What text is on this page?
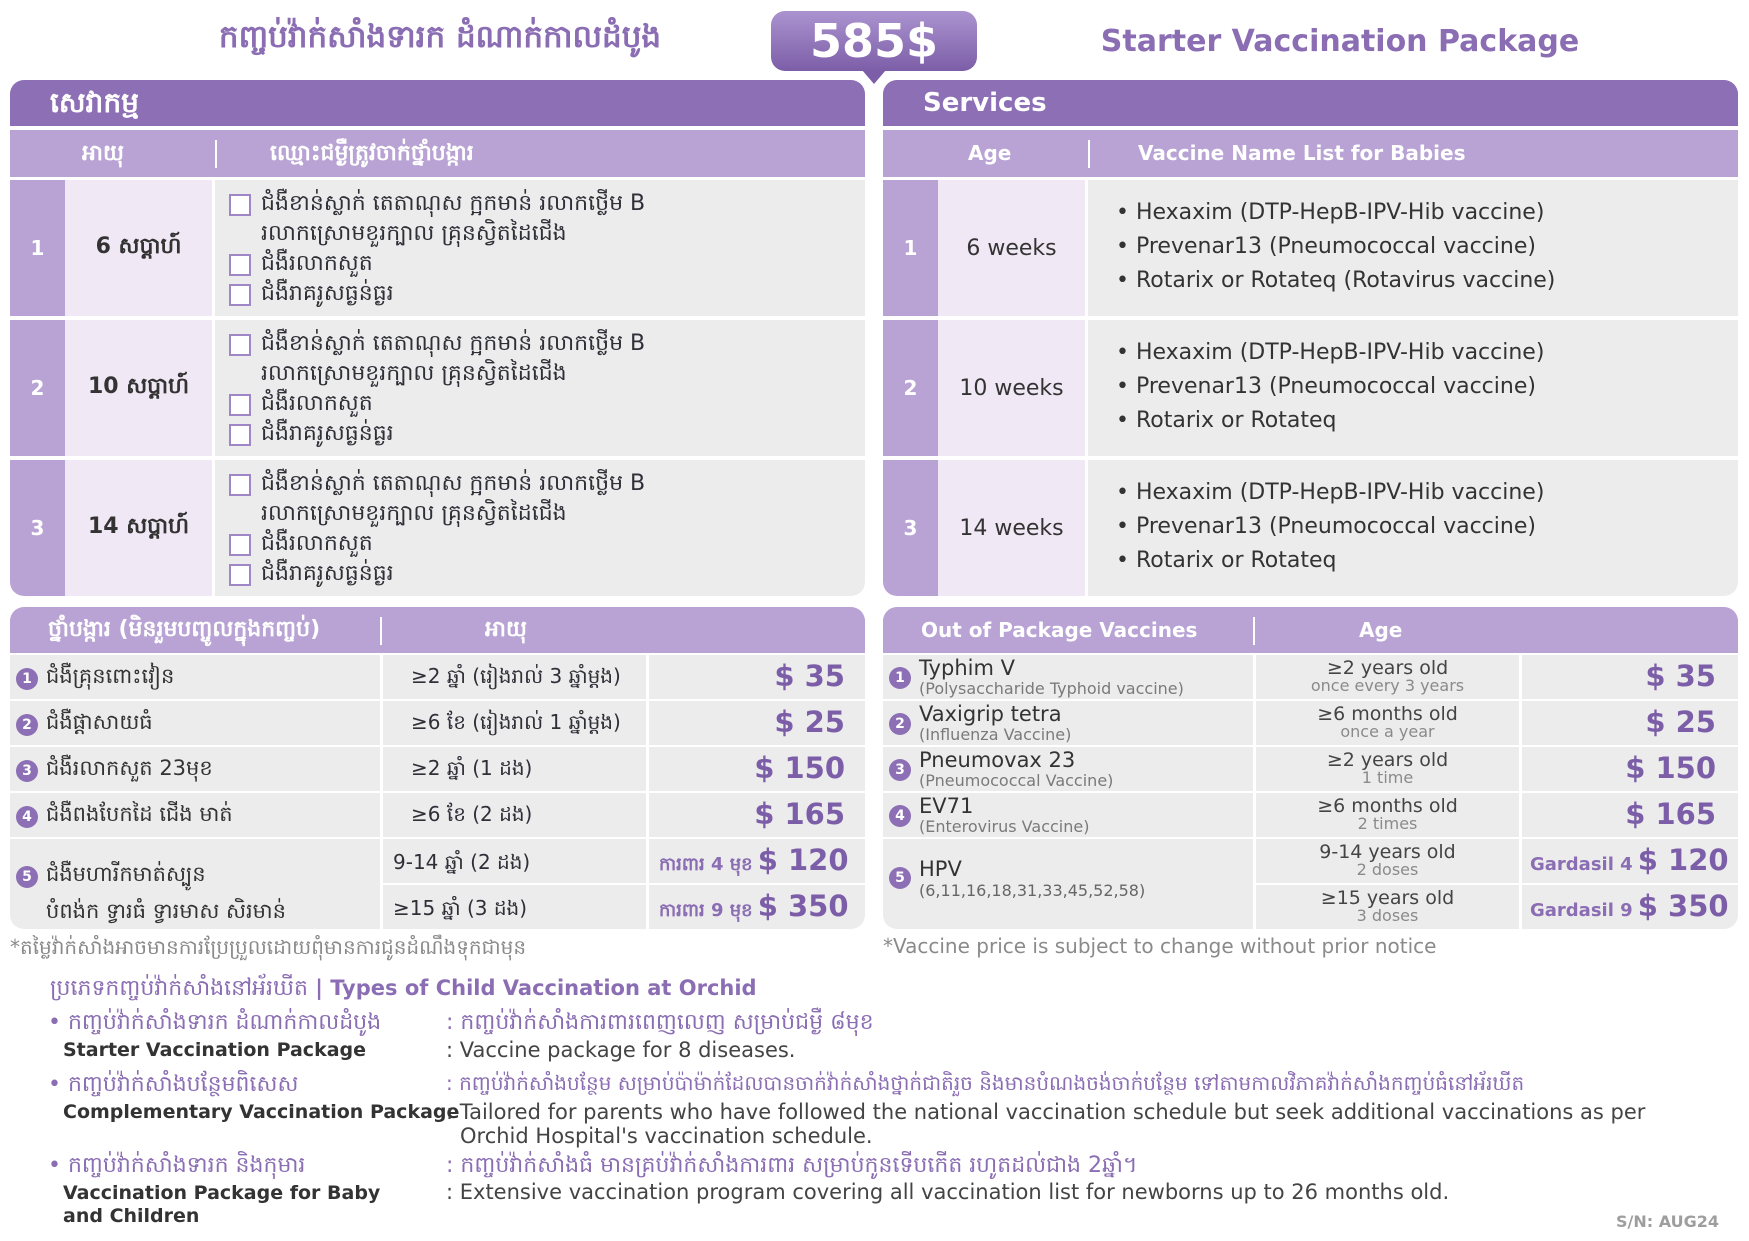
កញ្ចប់វ៉ាក់សាំងទារក ដំណាក់កាលដំបូង	585$	Starter Vaccination Package
សេវាកម្ម
អាយុ	ឈ្មោះជម្ងឺត្រូវចាក់ថ្នាំបង្ការ
1	6 សប្តាហ៍
ជំងឺខាន់ស្លាក់ តេតាណុស ក្អកមាន់ រលាកថ្លើម B
រលាកស្រោមខួរក្បាល គ្រុនស្វិតដៃជើង
ជំងឺរលាកសួត
ជំងឺរាគរូសធ្ងន់ធ្ងរ
2	10 សប្តាហ៍
ជំងឺខាន់ស្លាក់ តេតាណុស ក្អកមាន់ រលាកថ្លើម B
រលាកស្រោមខួរក្បាល គ្រុនស្វិតដៃជើង
ជំងឺរលាកសួត
ជំងឺរាគរូសធ្ងន់ធ្ងរ
3	14 សប្តាហ៍
ជំងឺខាន់ស្លាក់ តេតាណុស ក្អកមាន់ រលាកថ្លើម B
រលាកស្រោមខួរក្បាល គ្រុនស្វិតដៃជើង
ជំងឺរលាកសួត
ជំងឺរាគរូសធ្ងន់ធ្ងរ
Services
Age	Vaccine Name List for Babies
1	6 weeks
• Hexaxim (DTP-HepB-IPV-Hib vaccine)
• Prevenar13 (Pneumococcal vaccine)
• Rotarix or Rotateq (Rotavirus vaccine)
2	10 weeks
• Hexaxim (DTP-HepB-IPV-Hib vaccine)
• Prevenar13 (Pneumococcal vaccine)
• Rotarix or Rotateq
3	14 weeks
• Hexaxim (DTP-HepB-IPV-Hib vaccine)
• Prevenar13 (Pneumococcal vaccine)
• Rotarix or Rotateq
ថ្នាំបង្ការ (មិនរួមបញ្ចូលក្នុងកញ្ចប់)	អាយុ
1 ជំងឺគ្រុនពោះវៀន	≥2 ឆ្នាំ (រៀងរាល់ 3 ឆ្នាំម្តង)	$ 35
2 ជំងឺផ្តាសាយធំ	≥6 ខែ (រៀងរាល់ 1 ឆ្នាំម្តង)	$ 25
3 ជំងឺរលាកសួត 23មុខ	≥2 ឆ្នាំ (1 ដង)	$ 150
4 ជំងឺពងបែកដៃ ជើង មាត់	≥6 ខែ (2 ដង)	$ 165
5 ជំងឺមហារីកមាត់ស្បូន
បំពង់ក ទ្វារធំ ទ្វារមាស សិរមាន់
9-14 ឆ្នាំ (2 ដង)	ការពារ 4 មុខ $ 120
≥15 ឆ្នាំ (3 ដង)	ការពារ 9 មុខ $ 350
Out of Package Vaccines	Age
1 Typhim V
(Polysaccharide Typhoid vaccine)
≥2 years old
once every 3 years	$ 35
2 Vaxigrip tetra
(Influenza Vaccine)
≥6 months old
once a year	$ 25
3 Pneumovax 23
(Pneumococcal Vaccine)
≥2 years old
1 time	$ 150
4 EV71
(Enterovirus Vaccine)
≥6 months old
2 times	$ 165
5 HPV
(6,11,16,18,31,33,45,52,58)
9-14 years old
2 doses	Gardasil 4 $ 120
≥15 years old
3 doses	Gardasil 9 $ 350
*តម្លៃវ៉ាក់សាំងអាចមានការប្រែប្រួលដោយពុំមានការជូនដំណឹងទុកជាមុន	*Vaccine price is subject to change without prior notice
ប្រភេទកញ្ចប់វ៉ាក់សាំងនៅអ័រឃីត | Types of Child Vaccination at Orchid
• កញ្ចប់វ៉ាក់សាំងទារក ដំណាក់កាលដំបូង
Starter Vaccination Package
: កញ្ចប់វ៉ាក់សាំងការពារពេញលេញ សម្រាប់ជម្ងឺ ៨មុខ
: Vaccine package for 8 diseases.
• កញ្ចប់វ៉ាក់សាំងបន្ថែមពិសេស
Complementary Vaccination Package
: កញ្ចប់វ៉ាក់សាំងបន្ថែម សម្រាប់ប៉ាម៉ាក់ដែលបានចាក់វ៉ាក់សាំងថ្នាក់ជាតិរួច និងមានបំណងចង់ចាក់បន្ថែម ទៅតាមកាលវិភាគវ៉ាក់សាំងកញ្ចប់ធំនៅអ័រឃីត
: Tailored for parents who have followed the national vaccination schedule but seek additional vaccinations as per
Orchid Hospital's vaccination schedule.
• កញ្ចប់វ៉ាក់សាំងទារក និងកុមារ
Vaccination Package for Baby
and Children
: កញ្ចប់វ៉ាក់សាំងធំ មានគ្រប់វ៉ាក់សាំងការពារ សម្រាប់កូនទើបកើត រហូតដល់ជាង 2ឆ្នាំ។
: Extensive vaccination program covering all vaccination list for newborns up to 26 months old.
S/N: AUG24
